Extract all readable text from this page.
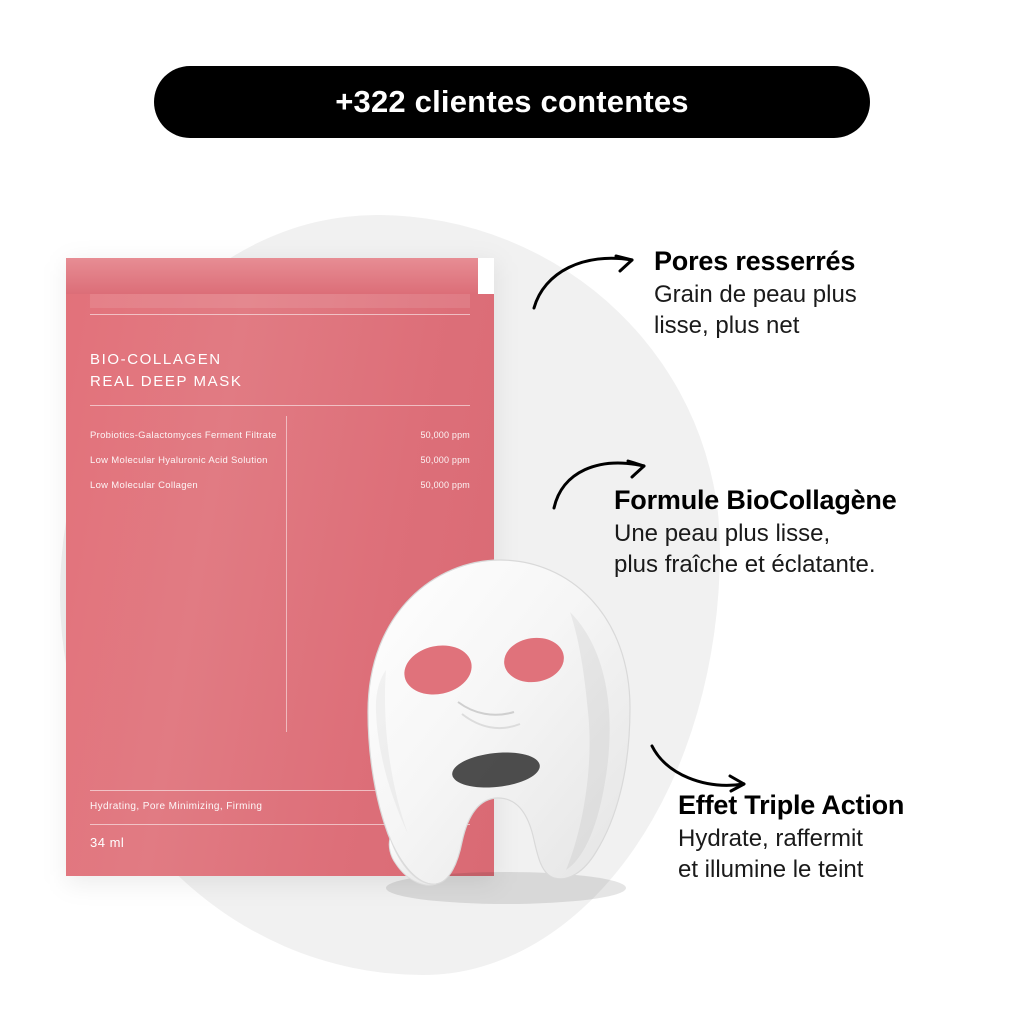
+322 clientes contentes
BIO-COLLAGEN
REAL DEEP MASK
Probiotics-Galactomyces Ferment Filtrate	50,000 ppm
Low Molecular Hyaluronic Acid Solution	50,000 ppm
Low Molecular Collagen	50,000 ppm
Hydrating, Pore Minimizing, Firming
34 ml

Pores resserrés

Grain de peau plus

lisse, plus net

Formule BioCollagène

Une peau plus lisse,

plus fraîche et éclatante.

Effet Triple Action

Hydrate, raffermit

et illumine le teint
